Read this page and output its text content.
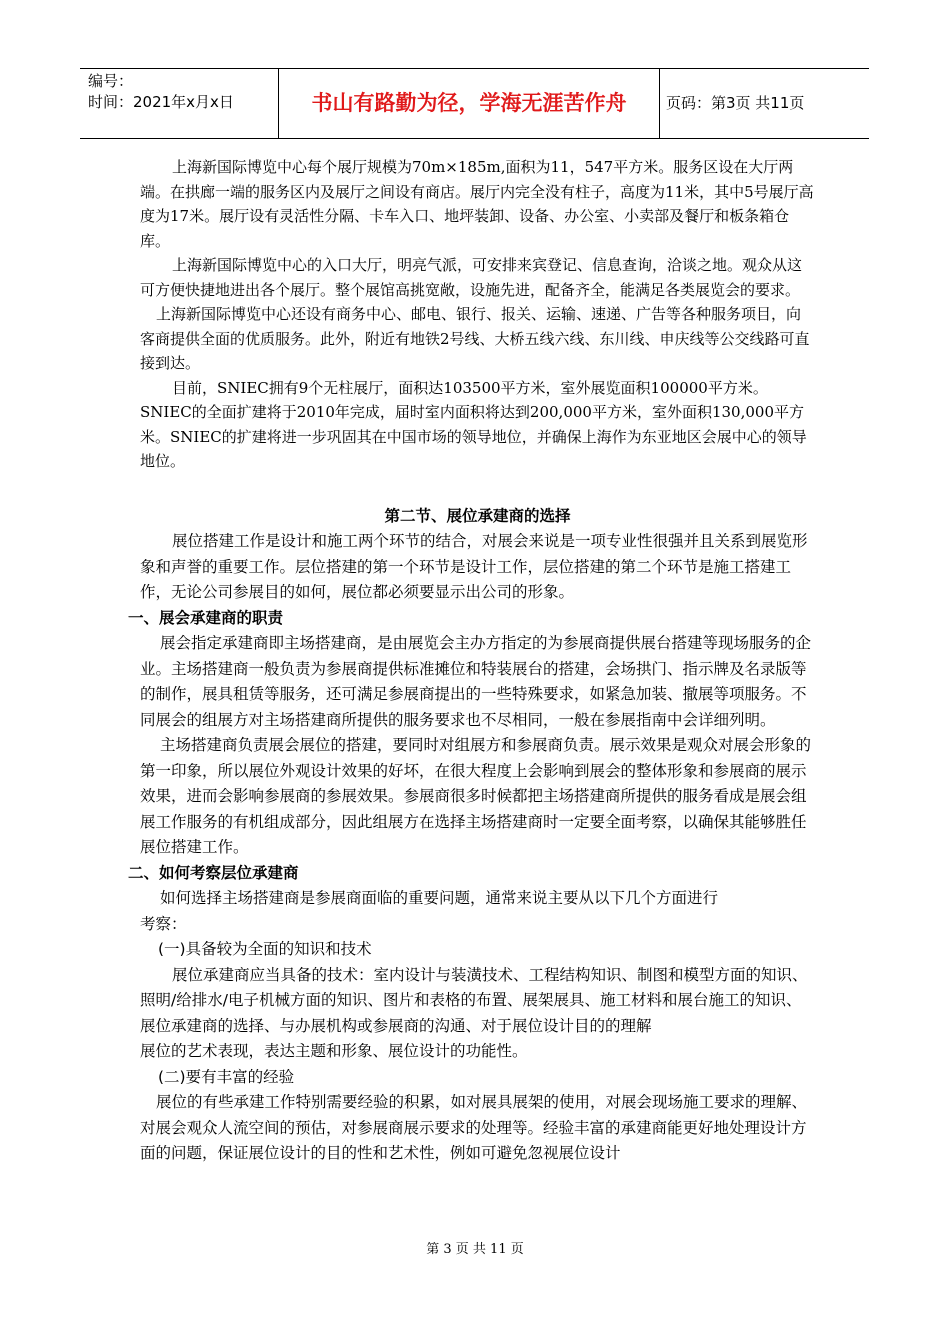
编号：
时间：2021年x月x日	书山有路勤为径，学海无涯苦作舟	页码：第3页 共11页

上海新国际博览中心每个展厅规模为70m×185m,面积为11，547平方米。服务区设在大厅两端。在拱廊一端的服务区内及展厅之间设有商店。展厅内完全没有柱子，高度为11米，其中5号展厅高度为17米。展厅设有灵活性分隔、卡车入口、地坪装卸、设备、办公室、小卖部及餐厅和板条箱仓库。

上海新国际博览中心的入口大厅，明亮气派，可安排来宾登记、信息查询，洽谈之地。观众从这可方便快捷地进出各个展厅。整个展馆高挑宽敞，设施先进，配备齐全，能满足各类展览会的要求。

上海新国际博览中心还设有商务中心、邮电、银行、报关、运输、速递、广告等各种服务项目，向客商提供全面的优质服务。此外，附近有地铁2号线、大桥五线六线、东川线、申庆线等公交线路可直接到达。

目前，SNIEC拥有9个无柱展厅，面积达103500平方米，室外展览面积100000平方米。SNIEC的全面扩建将于2010年完成，届时室内面积将达到200,000平方米，室外面积130,000平方米。SNIEC的扩建将进一步巩固其在中国市场的领导地位，并确保上海作为东亚地区会展中心的领导地位。

第二节、展位承建商的选择

展位搭建工作是设计和施工两个环节的结合，对展会来说是一项专业性很强并且关系到展览形象和声誉的重要工作。层位搭建的第一个环节是设计工作，层位搭建的第二个环节是施工搭建工作，无论公司参展目的如何，展位都必须要显示出公司的形象。

一、展会承建商的职责

展会指定承建商即主场搭建商，是由展览会主办方指定的为参展商提供展台搭建等现场服务的企业。主场搭建商一般负责为参展商提供标准摊位和特装展台的搭建，会场拱门、指示牌及名录版等的制作，展具租赁等服务，还可满足参展商提出的一些特殊要求，如紧急加装、撤展等项服务。不同展会的组展方对主场搭建商所提供的服务要求也不尽相同，一般在参展指南中会详细列明。

主场搭建商负责展会展位的搭建，要同时对组展方和参展商负责。展示效果是观众对展会形象的第一印象，所以展位外观设计效果的好坏，在很大程度上会影响到展会的整体形象和参展商的展示效果，进而会影响参展商的参展效果。参展商很多时候都把主场搭建商所提供的服务看成是展会组展工作服务的有机组成部分，因此组展方在选择主场搭建商时一定要全面考察，以确保其能够胜任展位搭建工作。

二、如何考察层位承建商

如何选择主场搭建商是参展商面临的重要问题，通常来说主要从以下几个方面进行

考察：

(一)具备较为全面的知识和技术

展位承建商应当具备的技术：室内设计与装潢技术、工程结构知识、制图和模型方面的知识、照明/给排水/电子机械方面的知识、图片和表格的布置、展架展具、施工材料和展台施工的知识、展位承建商的选择、与办展机构或参展商的沟通、对于展位设计目的的理解

展位的艺术表现，表达主题和形象、展位设计的功能性。

(二)要有丰富的经验

展位的有些承建工作特别需要经验的积累，如对展具展架的使用，对展会现场施工要求的理解、对展会观众人流空间的预估，对参展商展示要求的处理等。经验丰富的承建商能更好地处理设计方面的问题，保证展位设计的目的性和艺术性，例如可避免忽视展位设计

第 3 页 共 11 页
